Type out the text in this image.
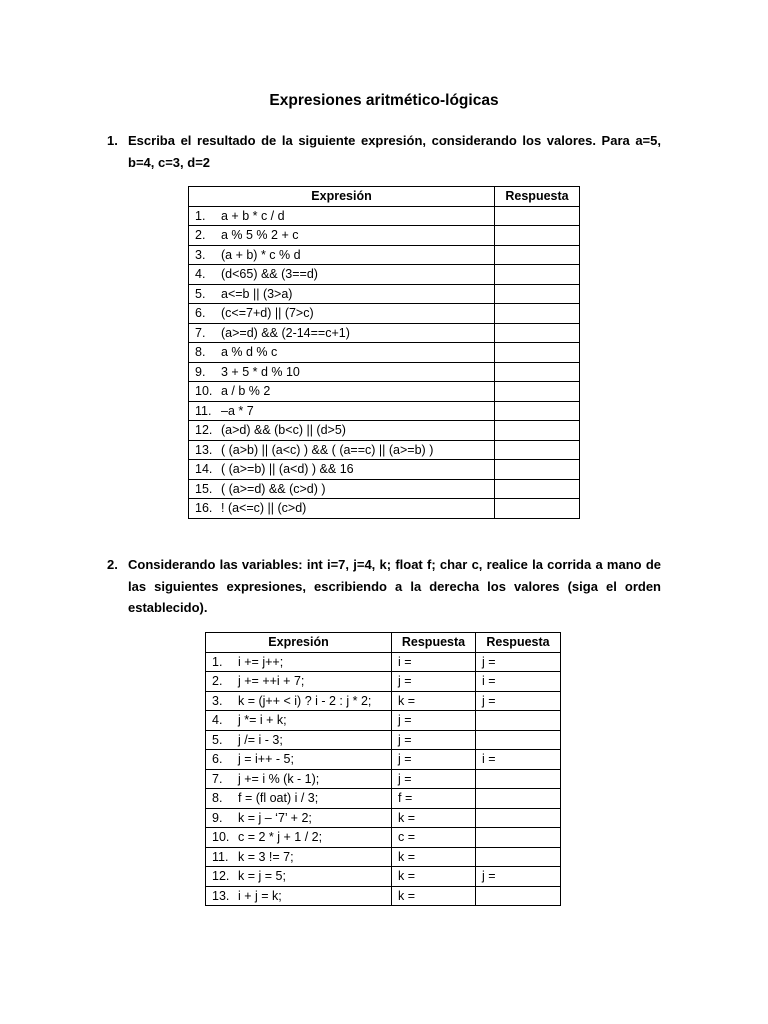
Expresiones aritmético-lógicas
1. Escriba el resultado de la siguiente expresión, considerando los valores. Para a=5, b=4, c=3, d=2
Expresión	Respuesta
1. a + b * c / d	
2. a % 5 % 2 + c	
3. (a + b) * c % d	
4. (d<65) && (3==d)	
5. a<=b || (3>a)	
6. (c<=7+d) || (7>c)	
7. (a>=d) && (2-14==c+1)	
8. a % d % c	
9. 3 + 5 * d % 10	
10. a / b % 2	
11. –a * 7	
12. (a>d) && (b<c) || (d>5)	
13. ( (a>b) || (a<c) ) && ( (a==c) || (a>=b) )	
14. ( (a>=b) || (a<d) ) && 16	
15. ( (a>=d) && (c>d) )	
16. ! (a<=c) || (c>d)	
2. Considerando las variables: int i=7, j=4, k; float f; char c, realice la corrida a mano de las siguientes expresiones, escribiendo a la derecha los valores (siga el orden establecido).
Expresión	Respuesta	Respuesta
1. i += j++;	i =	j =
2. j += ++i + 7;	j =	i =
3. k = (j++ < i) ? i - 2 : j * 2;	k =	j =
4. j *= i + k;	j =	
5. j /= i - 3;	j =	
6. j = i++ - 5;	j =	i =
7. j += i % (k - 1);	j =	
8. f = (fl oat) i / 3;	f =	
9. k = j – ‘7’ + 2;	k =	
10. c = 2 * j + 1 / 2;	c =	
11. k = 3 != 7;	k =	
12. k = j = 5;	k =	j =
13. i + j = k;	k =	
